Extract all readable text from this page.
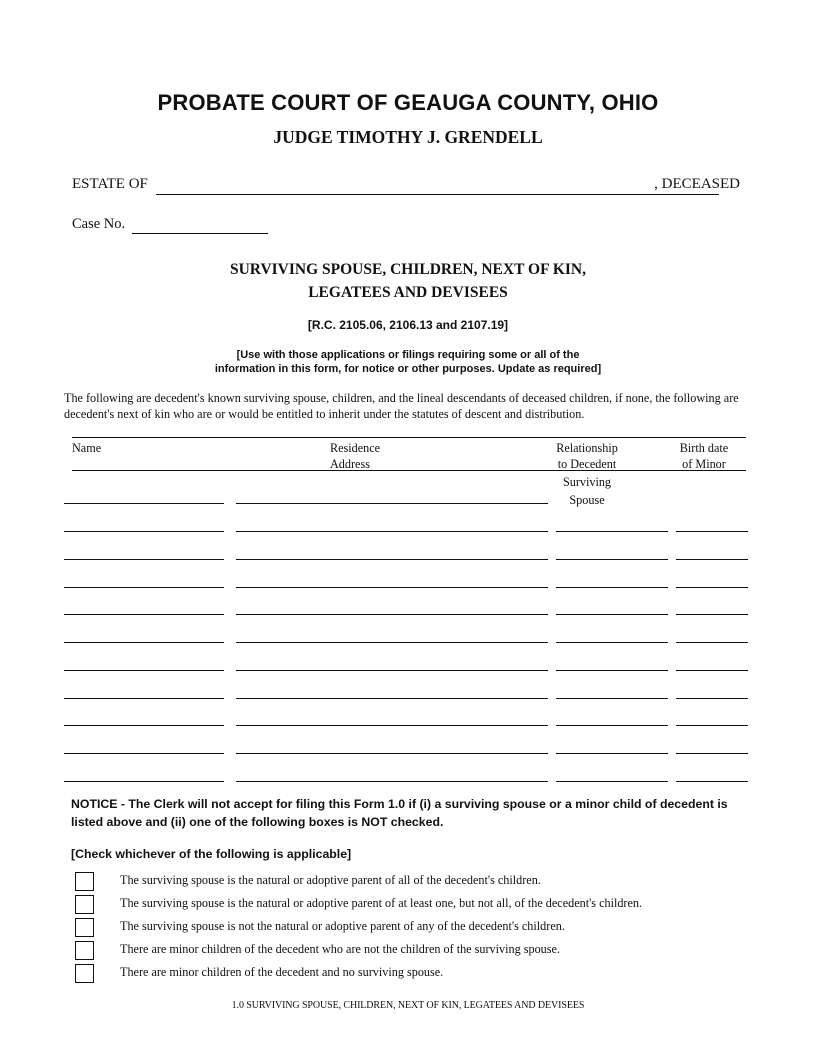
PROBATE COURT OF GEAUGA COUNTY, OHIO
JUDGE TIMOTHY J. GRENDELL
ESTATE OF	, DECEASED
Case No.
SURVIVING SPOUSE, CHILDREN, NEXT OF KIN,
LEGATEES AND DEVISEES
[R.C. 2105.06, 2106.13 and 2107.19]
[Use with those applications or filings requiring some or all of the
information in this form, for notice or other purposes. Update as required]
The following are decedent's known surviving spouse, children, and the lineal descendants of deceased children, if none, the following are decedent's next of kin who are or would be entitled to inherit under the statutes of descent and distribution.
Name	Residence
Address
Relationship
to Decedent
Birth date
of Minor
Surviving
Spouse
NOTICE - The Clerk will not accept for filing this Form 1.0 if (i) a surviving spouse or a minor child of decedent is listed above and (ii) one of the following boxes is NOT checked.
[Check whichever of the following is applicable]
The surviving spouse is the natural or adoptive parent of all of the decedent's children.
The surviving spouse is the natural or adoptive parent of at least one, but not all, of the decedent's children.
The surviving spouse is not the natural or adoptive parent of any of the decedent's children.
There are minor children of the decedent who are not the children of the surviving spouse.
There are minor children of the decedent and no surviving spouse.
1.0 SURVIVING SPOUSE, CHILDREN, NEXT OF KIN, LEGATEES AND DEVISEES
